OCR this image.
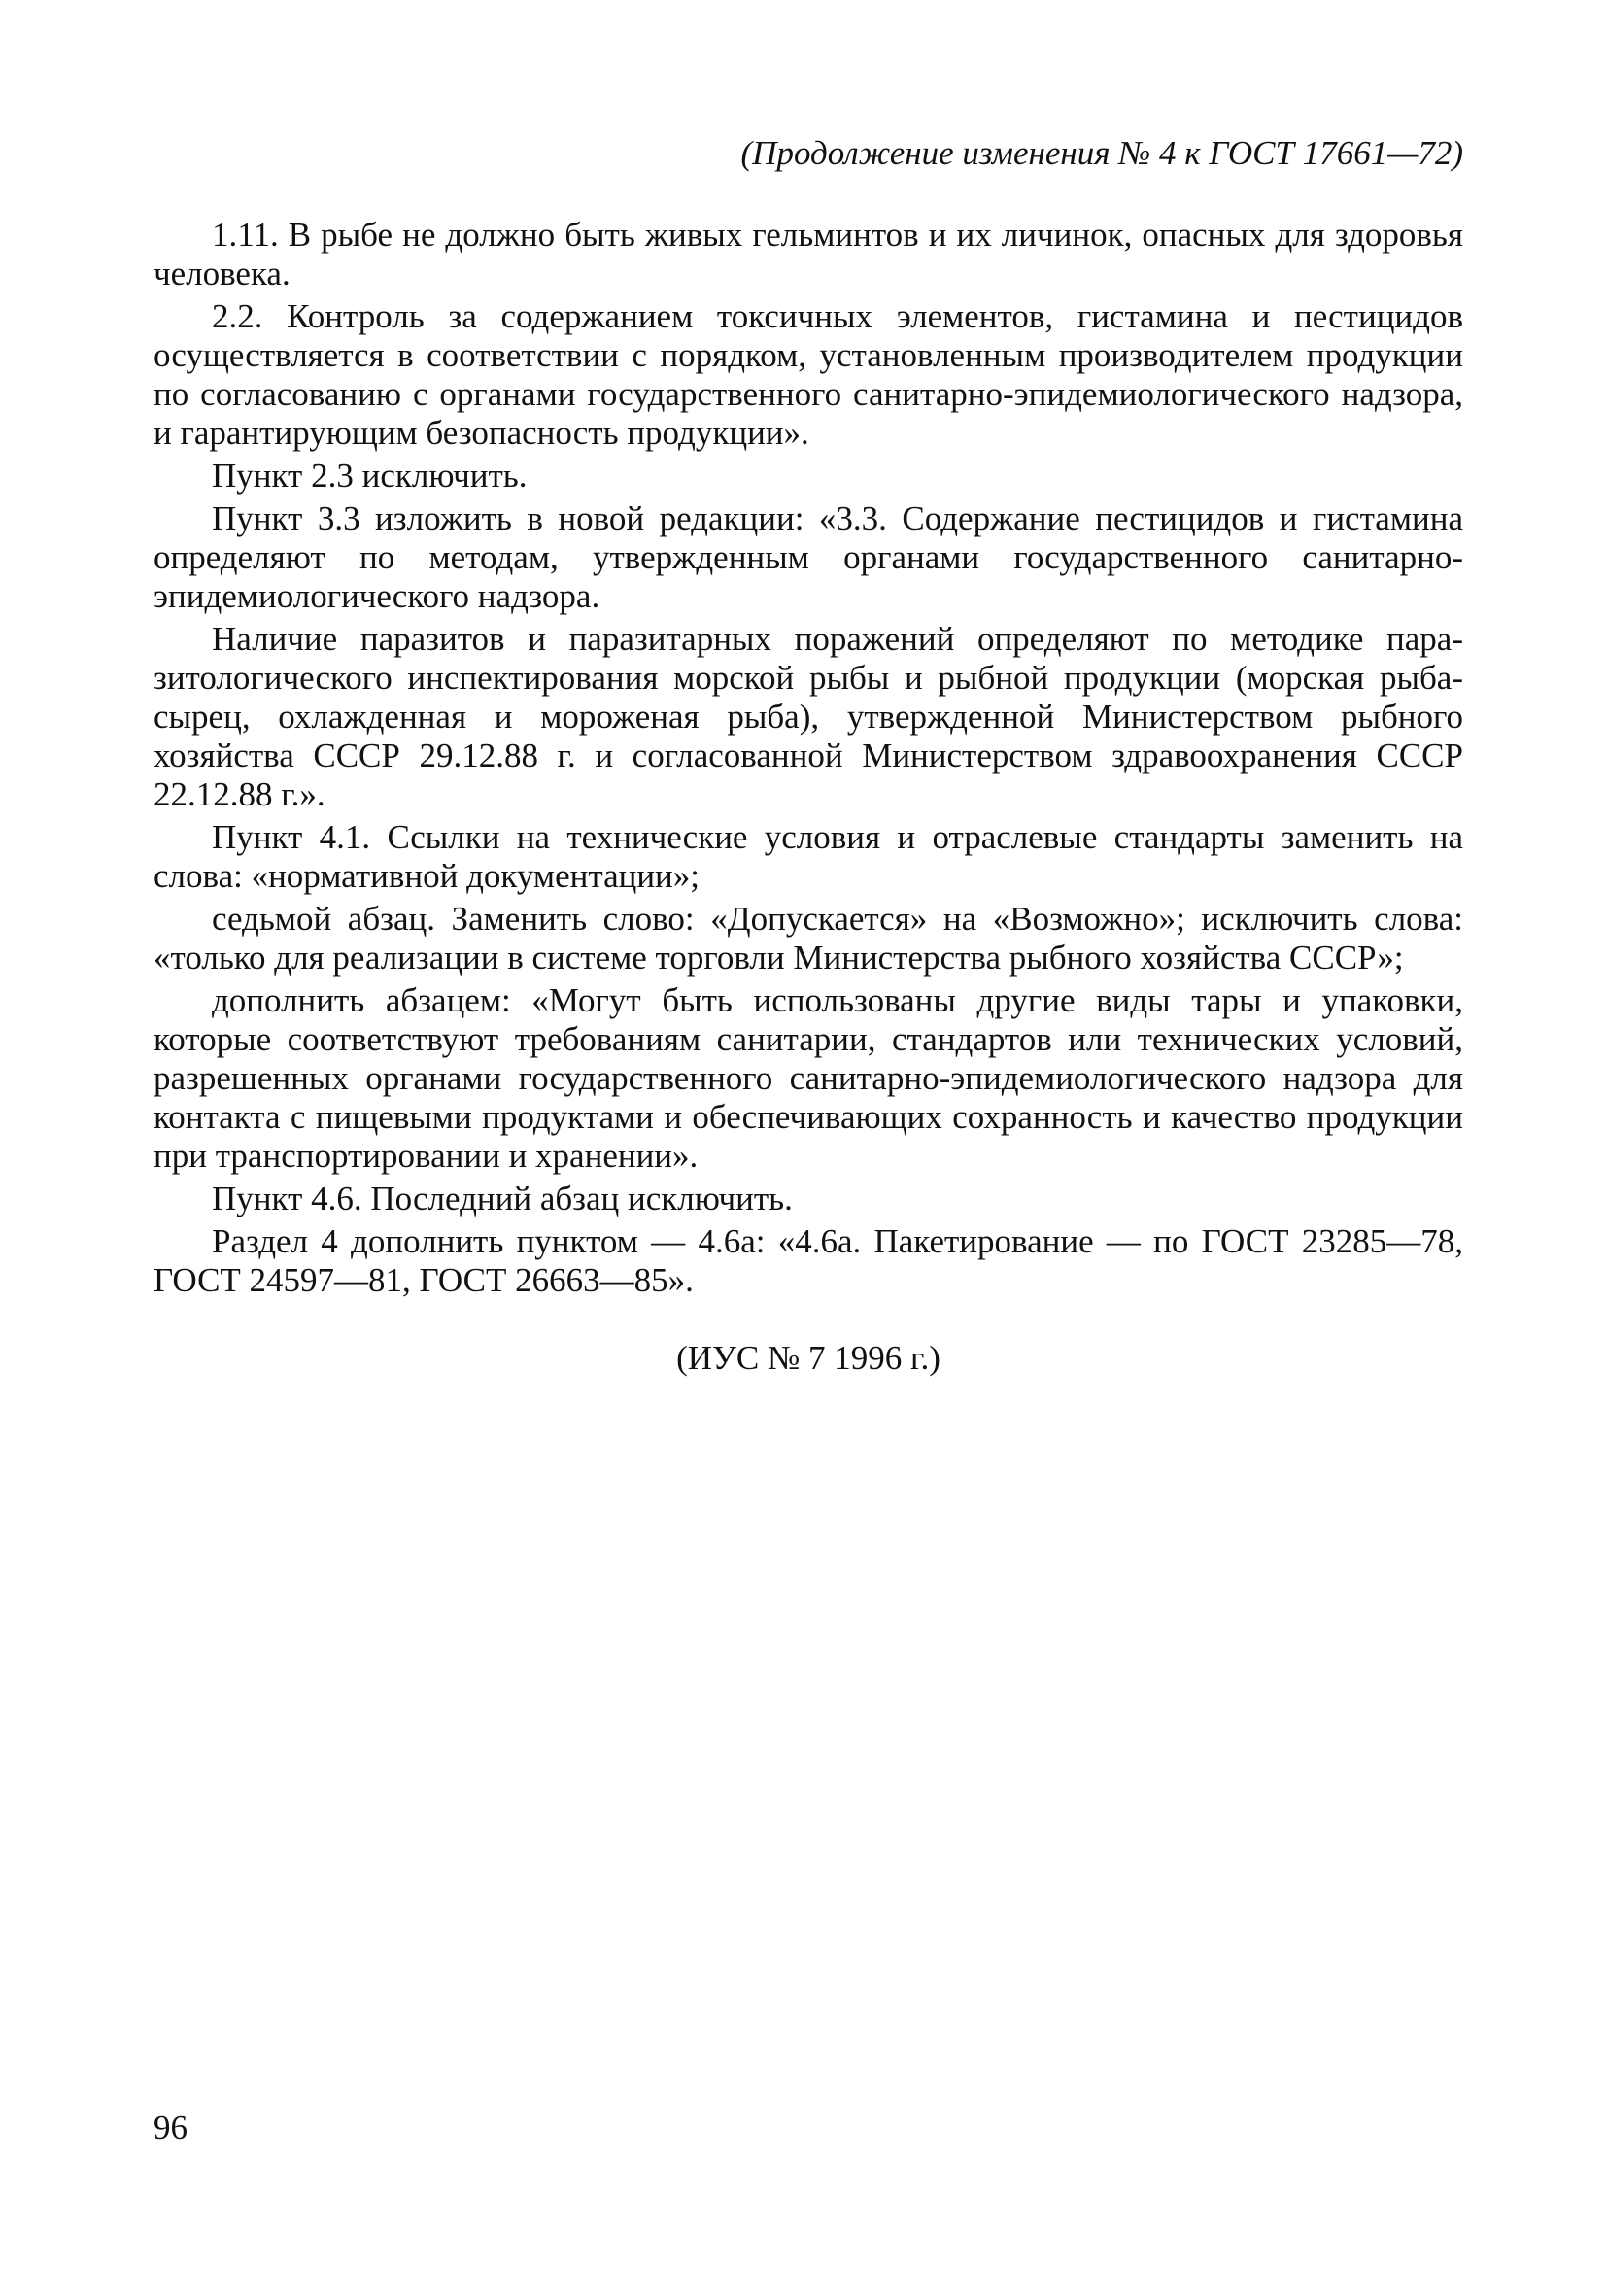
(Продолжение изменения № 4 к ГОСТ 17661—72)

1.11. В рыбе не должно быть живых гельминтов и их личинок, опасных для здоровья человека.

2.2. Контроль за содержанием токсичных элементов, гистамина и пестицидов осуществляется в соответствии с порядком, установленным производителем продукции по согласованию с органами государственного санитарно-эпидемиологического надзора, и гарантирующим безопасность продукции».

Пункт 2.3 исключить.

Пункт 3.3 изложить в новой редакции: «3.3. Содержание пестицидов и гистамина определяют по методам, утвержденным органами государственного санитарно-эпидемиологического надзора.

Наличие паразитов и паразитарных поражений определяют по методике паразитологического инспектирования морской рыбы и рыбной продукции (морская рыба-сырец, охлажденная и мороженая рыба), утвержденной Министерством рыбного хозяйства СССР 29.12.88 г. и согласованной Министерством здравоохранения СССР 22.12.88 г.».

Пункт 4.1. Ссылки на технические условия и отраслевые стандарты заменить на слова: «нормативной документации»;

седьмой абзац. Заменить слово: «Допускается» на «Возможно»; исключить слова: «только для реализации в системе торговли Министерства рыбного хозяйства СССР»;

дополнить абзацем: «Могут быть использованы другие виды тары и упаковки, которые соответствуют требованиям санитарии, стандартов или технических условий, разрешенных органами государственного санитарно-эпидемиологического надзора для контакта с пищевыми продуктами и обеспечивающих сохранность и качество продукции при транспортировании и хранении».

Пункт 4.6. Последний абзац исключить.

Раздел 4 дополнить пунктом — 4.6а: «4.6а. Пакетирование — по ГОСТ 23285—78, ГОСТ 24597—81, ГОСТ 26663—85».

(ИУС № 7 1996 г.)
96
